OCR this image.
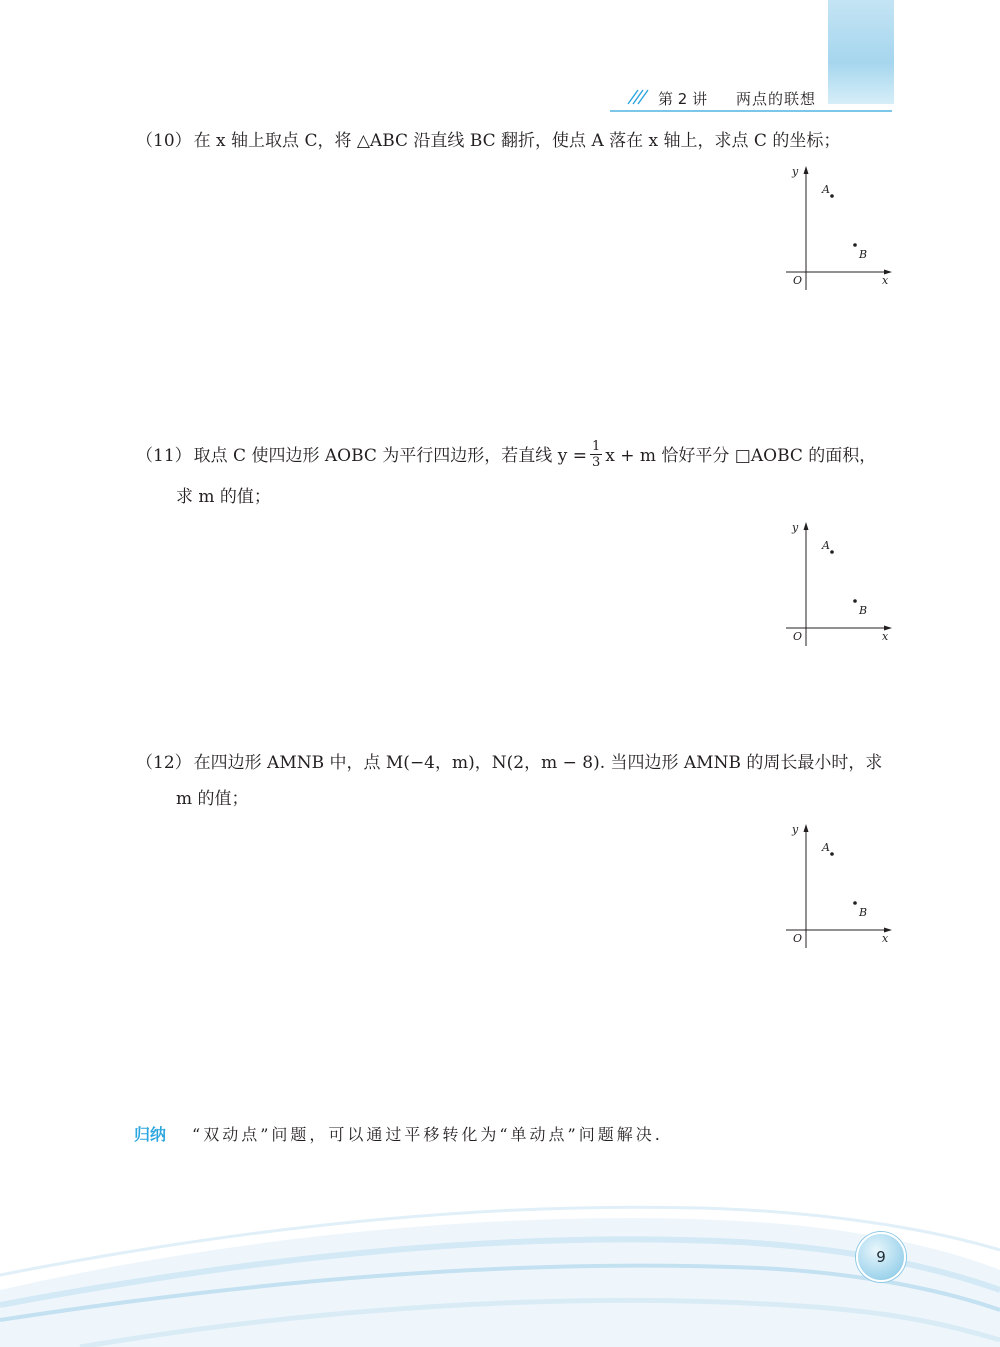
第 2 讲 两点的联想
（10） 在 x 轴上取点 C，将 △ABC 沿直线 BC 翻折，使点 A 落在 x 轴上，求点 C 的坐标；
y
x
O
A
B
（11） 取点 C 使四边形 AOBC 为平行四边形，若直线 $y = \frac{1}{3}$ x + m 恰好平分 □AOBC 的面积，
求 m 的值；
y
x
O
A
B
（12） 在四边形 AMNB 中，点 M(−4，m)，N(2，m − 8). 当四边形 AMNB 的周长最小时，求
m 的值；
y
x
O
A
B
归纳 “双动点”问题，可以通过平移转化为“单动点”问题解决.
9
